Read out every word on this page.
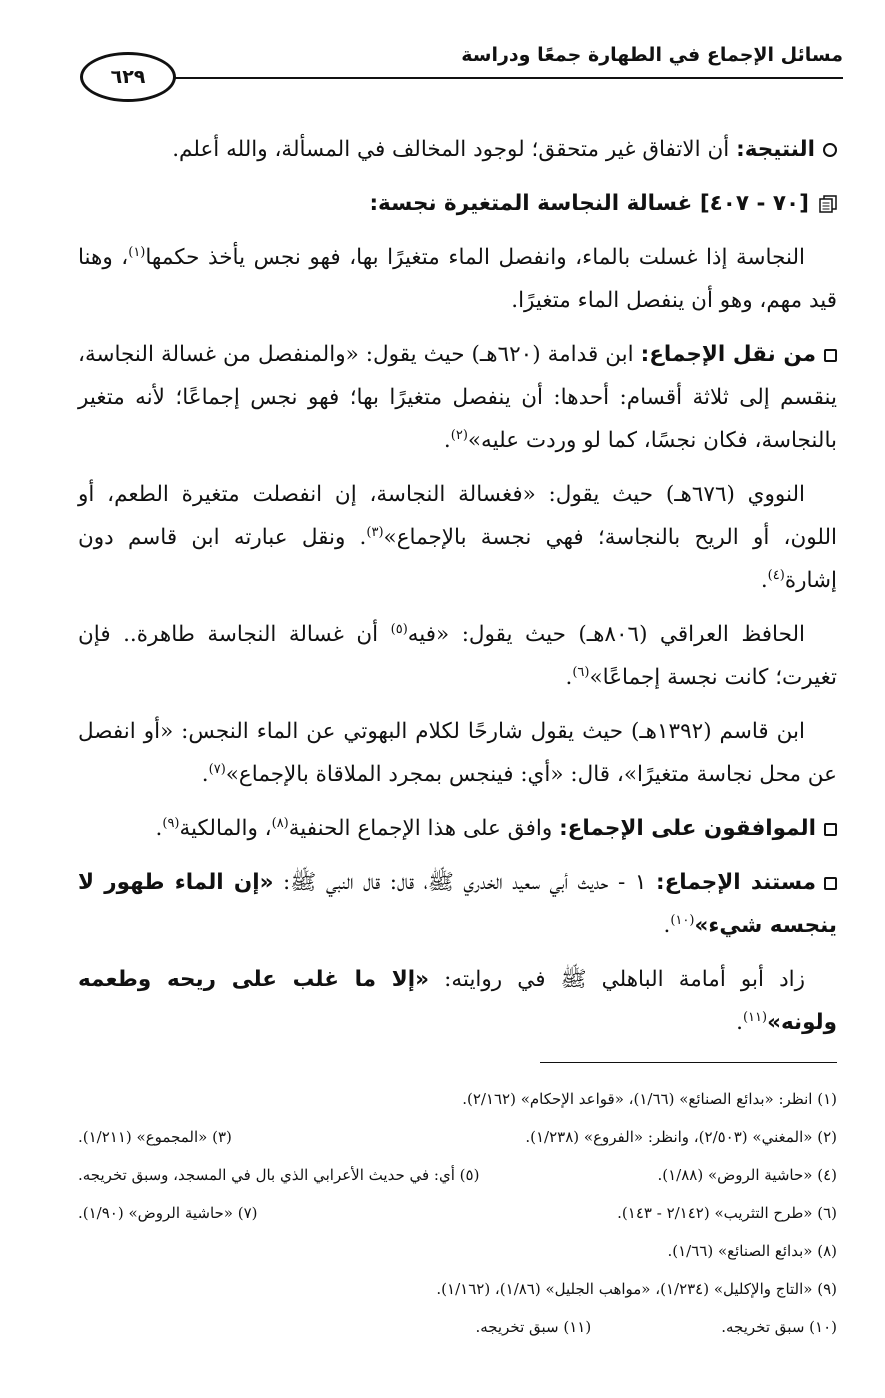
مسائل الإجماع في الطهارة جمعًا ودراسة
٦٢٩

النتيجة: أن الاتفاق غير متحقق؛ لوجود المخالف في المسألة، والله أعلم.

[٧٠ - ٤٠٧] غسالة النجاسة المتغيرة نجسة:

النجاسة إذا غسلت بالماء، وانفصل الماء متغيرًا بها، فهو نجس يأخذ حكمها$^{(١)}$، وهنا قيد مهم، وهو أن ينفصل الماء متغيرًا.

من نقل الإجماع: ابن قدامة (٦٢٠هـ) حيث يقول: «والمنفصل من غسالة النجاسة، ينقسم إلى ثلاثة أقسام: أحدها: أن ينفصل متغيرًا بها؛ فهو نجس إجماعًا؛ لأنه متغير بالنجاسة، فكان نجسًا، كما لو وردت عليه»$^{(٢)}$.

النووي (٦٧٦هـ) حيث يقول: «فغسالة النجاسة، إن انفصلت متغيرة الطعم، أو اللون، أو الريح بالنجاسة؛ فهي نجسة بالإجماع»$^{(٣)}$. ونقل عبارته ابن قاسم دون إشارة$^{(٤)}$.

الحافظ العراقي (٨٠٦هـ) حيث يقول: «فيه$^{(٥)}$ أن غسالة النجاسة طاهرة.. فإن تغيرت؛ كانت نجسة إجماعًا»$^{(٦)}$.

ابن قاسم (١٣٩٢هـ) حيث يقول شارحًا لكلام البهوتي عن الماء النجس: «أو انفصل عن محل نجاسة متغيرًا»، قال: «أي: فينجس بمجرد الملاقاة بالإجماع»$^{(٧)}$.

الموافقون على الإجماع: وافق على هذا الإجماع الحنفية$^{(٨)}$، والمالكية$^{(٩)}$.

مستند الإجماع: ١ - حديث أبي سعيد الخدري ﷺ، قال: قال النبي ﷺ: «إن الماء طهور لا ينجسه شيء»$^{(١٠)}$.

زاد أبو أمامة الباهلي ﷺ في روايته: «إلا ما غلب على ريحه وطعمه ولونه»$^{(١١)}$.

(١) انظر: «بدائع الصنائع» (١/٦٦)، «قواعد الإحكام» (٢/١٦٢).
(٢) «المغني» (٢/٥٠٣)، وانظر: «الفروع» (١/٢٣٨).
(٣) «المجموع» (١/٢١١).
(٤) «حاشية الروض» (١/٨٨).
(٥) أي: في حديث الأعرابي الذي بال في المسجد، وسبق تخريجه.
(٦) «طرح التثريب» (٢/١٤٢ - ١٤٣).
(٧) «حاشية الروض» (١/٩٠).
(٨) «بدائع الصنائع» (١/٦٦).
(٩) «التاج والإكليل» (١/٢٣٤)، «مواهب الجليل» (١/٨٦)، (١/١٦٢).
(١٠) سبق تخريجه.
(١١) سبق تخريجه.
